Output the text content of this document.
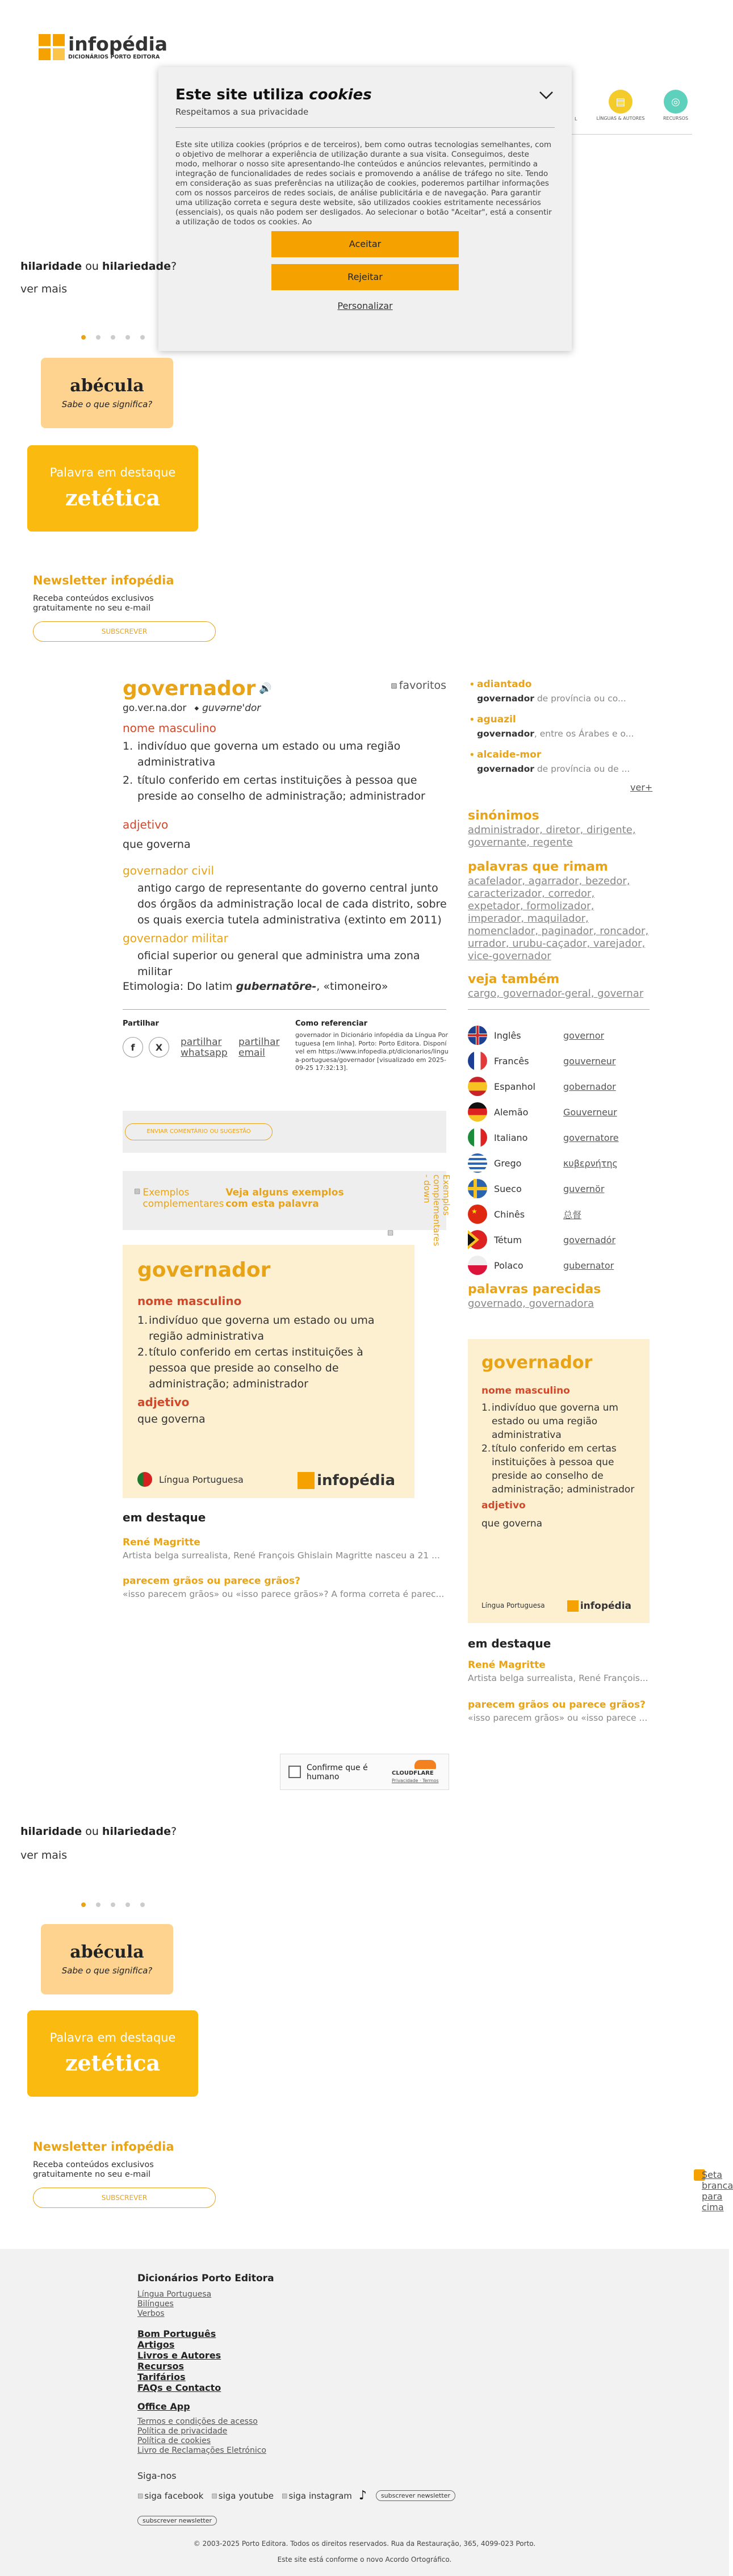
infopédia
DICIONÁRIOS PORTO EDITORA
L
▤
LÍNGUAS & AUTORES
◎
RECURSOS
Este site utiliza cookies
Respeitamos a sua privacidade
Este site utiliza cookies (próprios e de terceiros), bem como outras tecnologias semelhantes, com o objetivo de melhorar a experiência de utilização durante a sua visita. Conseguimos, deste modo, melhorar o nosso site apresentando-lhe conteúdos e anúncios relevantes, permitindo a integração de funcionalidades de redes sociais e promovendo a análise de tráfego no site. Tendo em consideração as suas preferências na utilização de cookies, poderemos partilhar informações com os nossos parceiros de redes sociais, de análise publicitária e de navegação. Para garantir uma utilização correta e segura deste website, são utilizados cookies estritamente necessários (essenciais), os quais não podem ser desligados. Ao selecionar o botão "Aceitar", está a consentir a utilização de todos os cookies. Ao
Aceitar
Rejeitar
Personalizar
hilaridade ou hilariedade?
ver mais
abécula
Sabe o que significa?
Palavra em destaque
zetética
Newsletter infopédia
Receba conteúdos exclusivos gratuitamente no seu e-mail
SUBSCREVER
governador 🔊	▨ favoritos
go.ver.na.dor ◆ guvərnɐ'dor
nome masculino
1. indivíduo que governa um estado ou uma região administrativa
2. título conferido em certas instituições à pessoa que preside ao conselho de administração; administrador
adjetivo
que governa
governador civil
antigo cargo de representante do governo central junto dos órgãos da administração local de cada distrito, sobre os quais exercia tutela administrativa (extinto em 2011)
governador militar
oficial superior ou general que administra uma zona militar
Etimologia: Do latim gubernatōre-, «timoneiro»
Partilhar
f	X	partilhar whatsapp
partilhar email
Como referenciar
governador in Dicionário infopédia da Língua Portuguesa [em linha]. Porto: Porto Editora. Disponível em https://www.infopedia.pt/dicionarios/lingua-portuguesa/governador [visualizado em 2025-09-25 17:32:13].
ENVIAR COMENTÁRIO OU SUGESTÃO
▨ Exemplos complementares
Veja alguns exemplos com esta palavra	Exemplos complementares - down
▨
governador
nome masculino
1. indivíduo que governa um estado ou uma região administrativa
2. título conferido em certas instituições à pessoa que preside ao conselho de administração; administrador
adjetivo
que governa
Língua Portuguesa	infopédia
em destaque
René Magritte
Artista belga surrealista, René François Ghislain Magritte nasceu a 21 ...
parecem grãos ou parece grãos?
«isso parecem grãos» ou «isso parece grãos»? A forma correta é parec...
• adiantado
governador de província ou co...
• aguazil
governador, entre os Árabes e o...
• alcaide-mor
governador de província ou de ...
ver+
sinónimos
administrador, diretor, dirigente, governante, regente
palavras que rimam
acafelador, agarrador, bezedor, caracterizador, corredor, expetador, formolizador, imperador, maquilador, nomenclador, paginador, roncador, urrador, urubu-caçador, varejador, vice-governador
veja também
cargo, governador-geral, governar
Inglês	governor
Francês	gouverneur
Espanhol	gobernador
Alemão	Gouverneur
Italiano	governatore
Grego	κυβερνήτης
Sueco	guvernör
★ Chinês	总督
Tétum	governadór
Polaco	gubernator
palavras parecidas
governado, governadora
governador
nome masculino
1. indivíduo que governa um estado ou uma região administrativa
2. título conferido em certas instituições à pessoa que preside ao conselho de administração; administrador
adjetivo
que governa
Língua Portuguesa	infopédia
em destaque
René Magritte
Artista belga surrealista, René François...
parecem grãos ou parece grãos?
«isso parecem grãos» ou «isso parece ...
Confirme que é humano	CLOUDFLARE
Privacidade · Termos
hilaridade ou hilariedade?
ver mais
abécula
Sabe o que significa?
Palavra em destaque
zetética
Newsletter infopédia
Receba conteúdos exclusivos gratuitamente no seu e-mail
SUBSCREVER
Seta branca para cima
Dicionários Porto Editora
Língua Portuguesa
Bilíngues
Verbos
Bom Português
Artigos
Livros e Autores
Recursos
Tarifários
FAQs e Contacto
Office App
Termos e condições de acesso
Política de privacidade
Política de cookies
Livro de Reclamações Eletrónico
Siga-nos
▨ siga facebook ▨ siga youtube ▨ siga instagram ♪	subscrever newsletter
subscrever newsletter
© 2003-2025 Porto Editora. Todos os direitos reservados. Rua da Restauração, 365, 4099-023 Porto.
Este site está conforme o novo Acordo Ortográfico.
